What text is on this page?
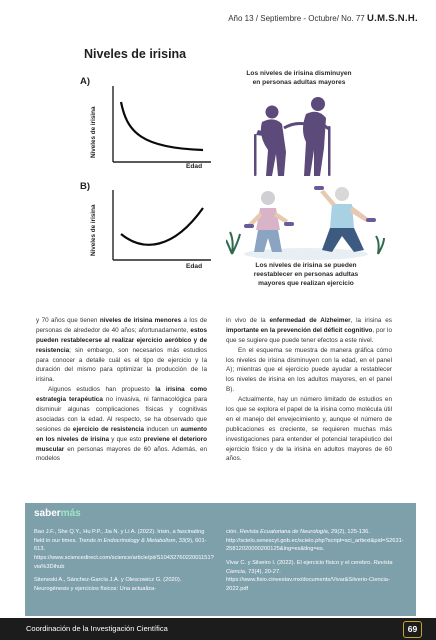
Año 13 / Septiembre - Octubre/ No. 77 U.M.S.N.H.
Niveles de irisina
A)
Niveles de irisina
Edad
Los niveles de irisina disminuyen
en personas adultas mayores
B)
Niveles de irisina
Edad	Los niveles de irisina se pueden
reestablecer en personas adultas
mayores que realizan ejercicio

y 70 años que tienen niveles de irisina menores a los de personas de alrededor de 40 años; afortunadamente, estos pueden restablecerse al realizar ejercicio aeróbico y de resistencia; sin embargo, son necesarios más estudios para conocer a detalle cuál es el tipo de ejercicio y la duración del mismo para optimizar la producción de la irisina.

Algunos estudios han propuesto la irisina como estrategia terapéutica no invasiva, ni farmacológica para disminuir algunas complicaciones físicas y cognitivas asociadas con la edad. Al respecto, se ha observado que sesiones de ejercicio de resistencia inducen un aumento en los niveles de irisina y que esto previene el deterioro muscular en personas mayores de 60 años. Además, en modelos

in vivo de la enfermedad de Alzheimer, la irisina es importante en la prevención del déficit cognitivo, por lo que se sugiere que puede tener efectos a este nivel.

En el esquema se muestra de manera gráfica cómo los niveles de irisina disminuyen con la edad, en el panel A); mientras que el ejercicio puede ayudar a restablecer los niveles de irisina en los adultos mayores, en el panel B).

Actualmente, hay un número limitado de estudios en los que se explora el papel de la irisina como molécula útil en el manejo del envejecimiento y, aunque el número de publicaciones es creciente, se requieren muchas más investigaciones para entender el potencial terapéutico del ejercicio físico y de la irisina en adultos mayores de 60 años.

sabermás

Bao J.F., She Q.Y., Hu P.P., Jia N. y Li A. (2022). Irisin, a fascinating field in our times. Trends in Endocrinology & Metabolism, 33(9), 601-613. https://www.sciencedirect.com/science/article/pii/S1043276022001151?via%3Dihub

Sitenesk​i A., Sánchez-García J.A. y Olescowicz G. (2020). Neurogénesis y ejercicios físicos: Una actualiza-

ción. Revista Ecuatoriana de Neurología, 29(2), 125-136. http://scielo.senescyt.gob.ec/scielo.php?script=sci_arttext&pid=S2631-25812020000200125&lng=es&tlng=es.

Vivar C. y Silveiro I. (2022). El ejercicio físico y el cerebro. Revista Ciencia, 73(4), 20-27. https://www.fisio.cinvestav.mx/documents/Vivar&Silverio-Ciencia-2022.pdf

Coordinación de la Investigación Científica	69
